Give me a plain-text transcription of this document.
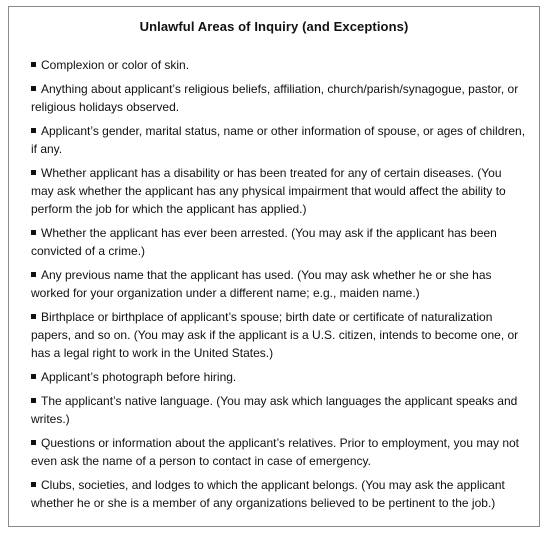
Unlawful Areas of Inquiry (and Exceptions)

Complexion or color of skin.

Anything about applicant’s religious beliefs, affiliation, church/parish/synagogue, pastor, or religious holidays observed.

Applicant’s gender, marital status, name or other information of spouse, or ages of children, if any.

Whether applicant has a disability or has been treated for any of certain diseases. (You may ask whether the applicant has any physical impairment that would affect the ability to perform the job for which the applicant has applied.)

Whether the applicant has ever been arrested. (You may ask if the applicant has been convicted of a crime.)

Any previous name that the applicant has used. (You may ask whether he or she has worked for your organization under a different name; e.g., maiden name.)

Birthplace or birthplace of applicant’s spouse; birth date or certificate of naturalization papers, and so on. (You may ask if the applicant is a U.S. citizen, intends to become one, or has a legal right to work in the United States.)

Applicant’s photograph before hiring.

The applicant’s native language. (You may ask which languages the applicant speaks and writes.)

Questions or information about the applicant’s relatives. Prior to employment, you may not even ask the name of a person to contact in case of emergency.

Clubs, societies, and lodges to which the applicant belongs. (You may ask the applicant whether he or she is a member of any organizations believed to be pertinent to the job.)
